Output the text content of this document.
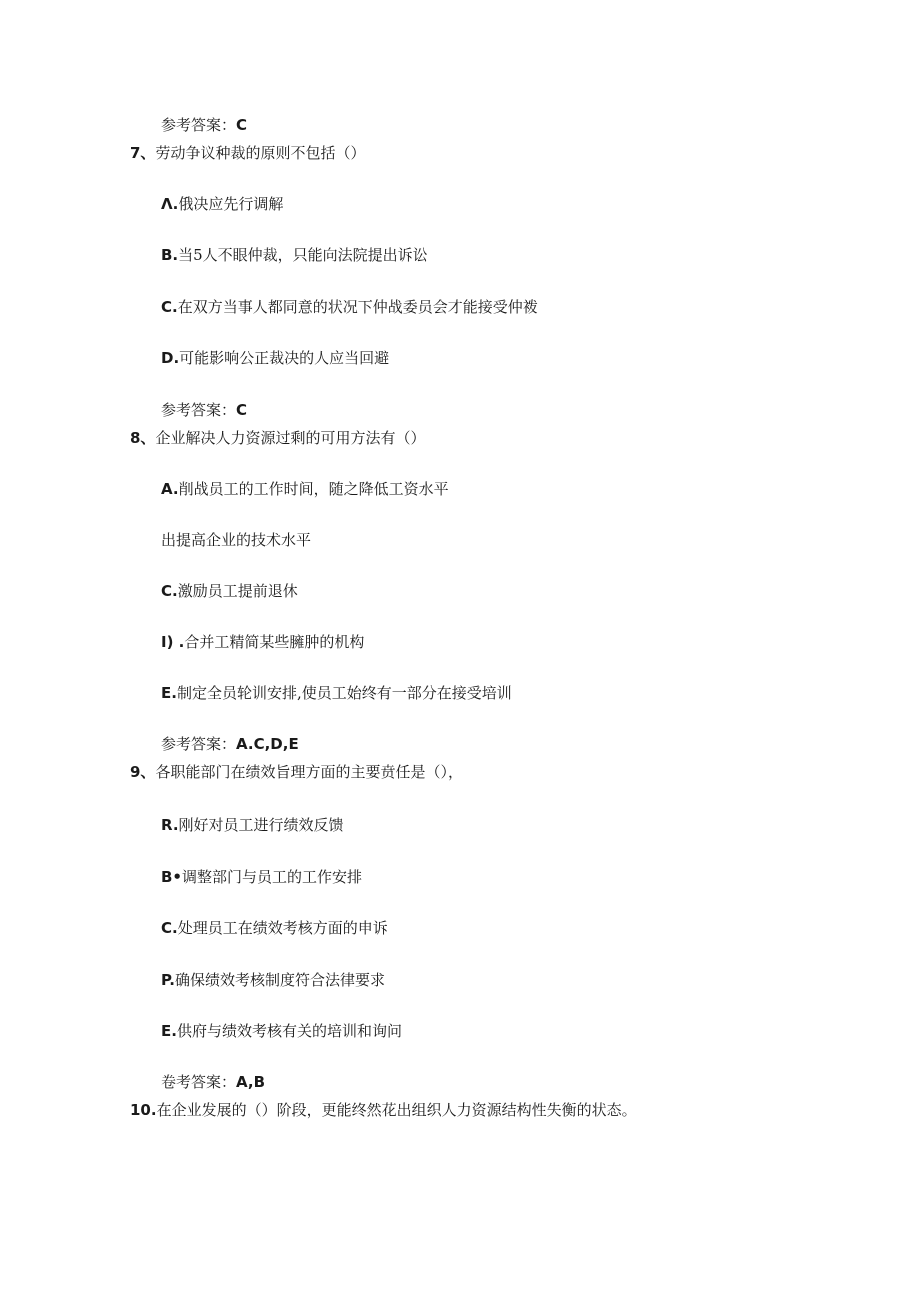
参考答案：C
7、劳动争议种裁的原则不包括（）
Λ.俄决应先行调解
B.当5人不眼仲裁，只能向法院提出诉讼
C.在双方当事人都同意的状况下仲战委员会才能接受仲袯
D.可能影响公正裁决的人应当回避
参考答案：C
8、企业解决人力资源过剩的可用方法有（）
A.削战员工的工作时间，随之降低工资水平
出提高企业的技术水平
C.激励员工提前退休
I) .合并工精简某些臃肿的机构
E.制定全员轮训安排,使员工始终有一部分在接受培训
参考答案：A.C,D,E
9、各职能部门在绩效旨理方面的主要贲任是（），
R.刚好对员工进行绩效反馈
B•调整部门与员工的工作安排
C.处理员工在绩效考核方面的申诉
P.确保绩效考核制度符合法律要求
E.供府与绩效考核有关的培训和询问
卷考答案：A,B
10.在企业发展的（）阶段，更能终然花出组织人力资源结构性失衡的状态。
